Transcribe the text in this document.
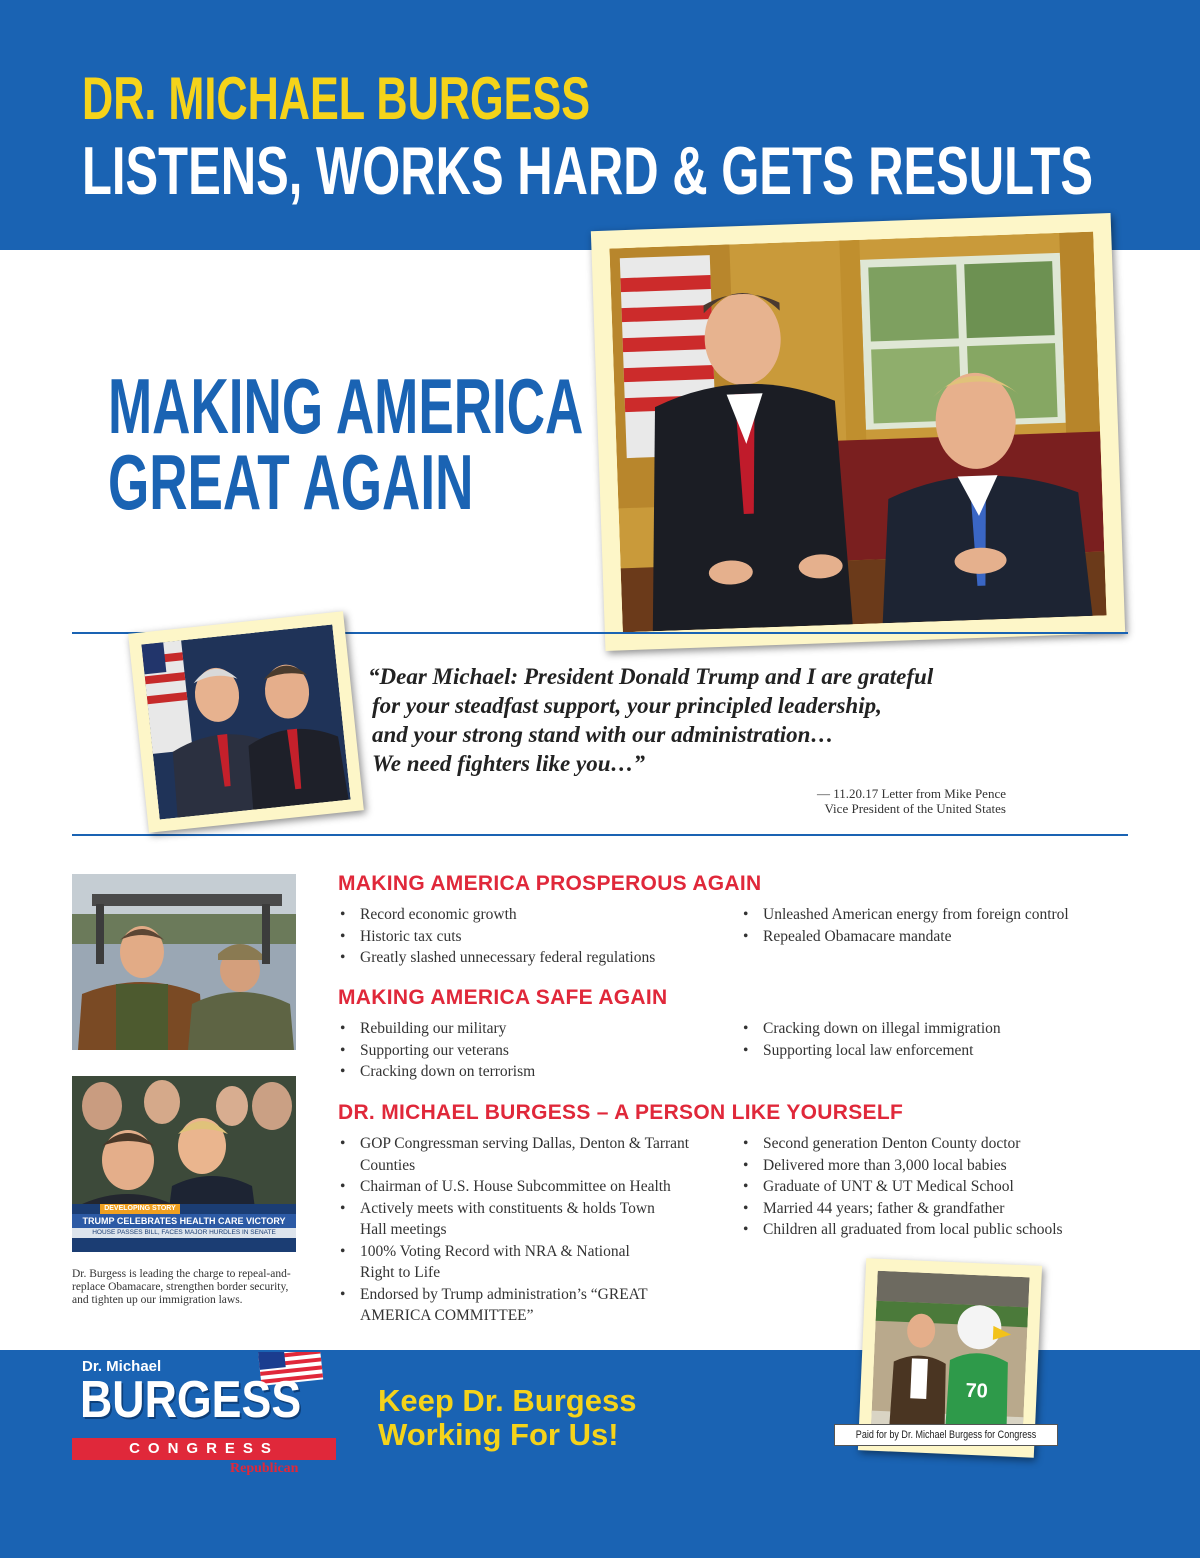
DR. MICHAEL BURGESS
LISTENS, WORKS HARD & GETS RESULTS
MAKING AMERICA
GREAT AGAIN
“Dear Michael: President Donald Trump and I are grateful
for your steadfast support, your principled leadership,
and your strong stand with our administration…
We need fighters like you…”
— 11.20.17 Letter from Mike Pence
Vice President of the United States
DEVELOPING STORY
TRUMP CELEBRATES HEALTH CARE VICTORY
HOUSE PASSES BILL, FACES MAJOR HURDLES IN SENATE
Dr. Burgess is leading the charge to repeal-and-replace Obamacare, strengthen border security, and tighten up our immigration laws.
MAKING AMERICA PROSPEROUS AGAIN
• Record economic growth
• Historic tax cuts
• Greatly slashed unnecessary federal regulations
• Unleashed American energy from foreign control
• Repealed Obamacare mandate
MAKING AMERICA SAFE AGAIN
• Rebuilding our military
• Supporting our veterans
• Cracking down on terrorism
• Cracking down on illegal immigration
• Supporting local law enforcement
DR. MICHAEL BURGESS – A PERSON LIKE YOURSELF
• GOP Congressman serving Dallas, Denton & Tarrant Counties
• Chairman of U.S. House Subcommittee on Health
• Actively meets with constituents & holds Town Hall meetings
• 100% Voting Record with NRA & National Right to Life
• Endorsed by Trump administration’s “GREAT AMERICA COMMITTEE”
• Second generation Denton County doctor
• Delivered more than 3,000 local babies
• Graduate of UNT & UT Medical School
• Married 44 years; father & grandfather
• Children all graduated from local public schools
Dr. Michael
BURGESS
CONGRESS
Republican
Keep Dr. Burgess
Working For Us!
70
Paid for by Dr. Michael Burgess for Congress
